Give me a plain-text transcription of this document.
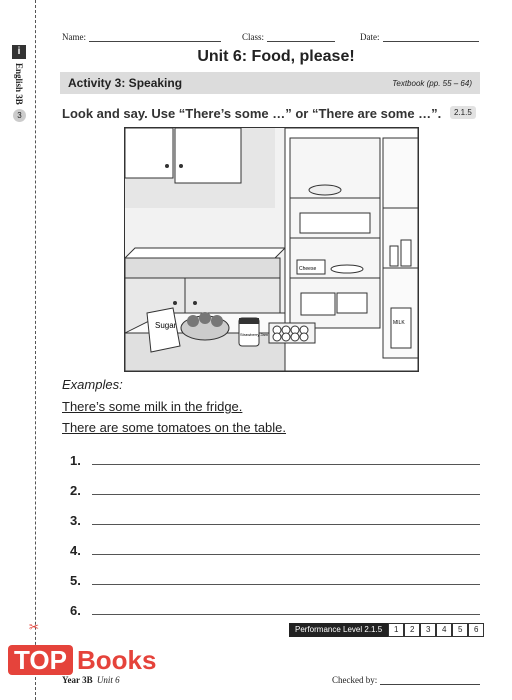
i
English 3B
3
Name:	Class:	Date:
Unit 6: Food, please!
Activity 3: Speaking	Textbook (pp. 55 – 64)
Look and say. Use “There’s some …” or “There are some …”.	2.1.5
Sugar
Strawberry Jam
Cheese
MILK
Examples:
There’s some milk in the fridge.
There are some tomatoes on the table.
1.
2.
3.
4.
5.
6.
Performance Level 2.1.5	1	2	3	4	5	6
✂
TOP Books
Year 3B Unit 6	Checked by:
